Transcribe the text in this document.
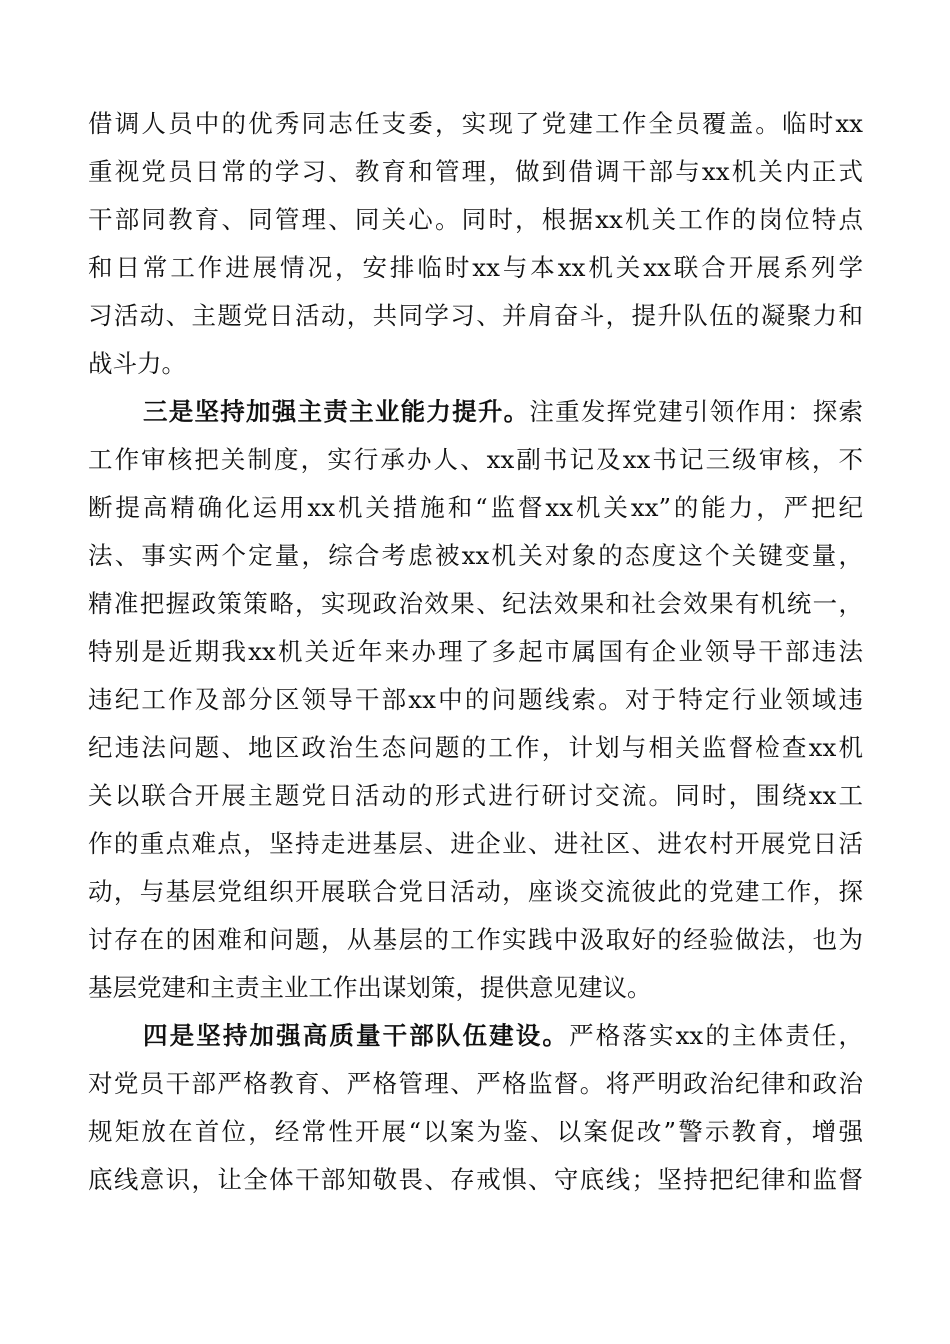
借调人员中的优秀同志任支委，实现了党建工作全员覆盖。临时xx
重视党员日常的学习、教育和管理，做到借调干部与xx机关内正式
干部同教育、同管理、同关心。同时，根据xx机关工作的岗位特点
和日常工作进展情况，安排临时xx与本xx机关xx联合开展系列学
习活动、主题党日活动，共同学习、并肩奋斗，提升队伍的凝聚力和
战斗力。
三是坚持加强主责主业能力提升。注重发挥党建引领作用：探索
工作审核把关制度，实行承办人、xx副书记及xx书记三级审核，不
断提高精确化运用xx机关措施和“监督xx机关xx”的能力，严把纪
法、事实两个定量，综合考虑被xx机关对象的态度这个关键变量，
精准把握政策策略，实现政治效果、纪法效果和社会效果有机统一，
特别是近期我xx机关近年来办理了多起市属国有企业领导干部违法
违纪工作及部分区领导干部xx中的问题线索。对于特定行业领域违
纪违法问题、地区政治生态问题的工作，计划与相关监督检查xx机
关以联合开展主题党日活动的形式进行研讨交流。同时，围绕xx工
作的重点难点，坚持走进基层、进企业、进社区、进农村开展党日活
动，与基层党组织开展联合党日活动，座谈交流彼此的党建工作，探
讨存在的困难和问题，从基层的工作实践中汲取好的经验做法，也为
基层党建和主责主业工作出谋划策，提供意见建议。
四是坚持加强高质量干部队伍建设。严格落实xx的主体责任，
对党员干部严格教育、严格管理、严格监督。将严明政治纪律和政治
规矩放在首位，经常性开展“以案为鉴、以案促改”警示教育，增强
底线意识，让全体干部知敬畏、存戒惧、守底线；坚持把纪律和监督
